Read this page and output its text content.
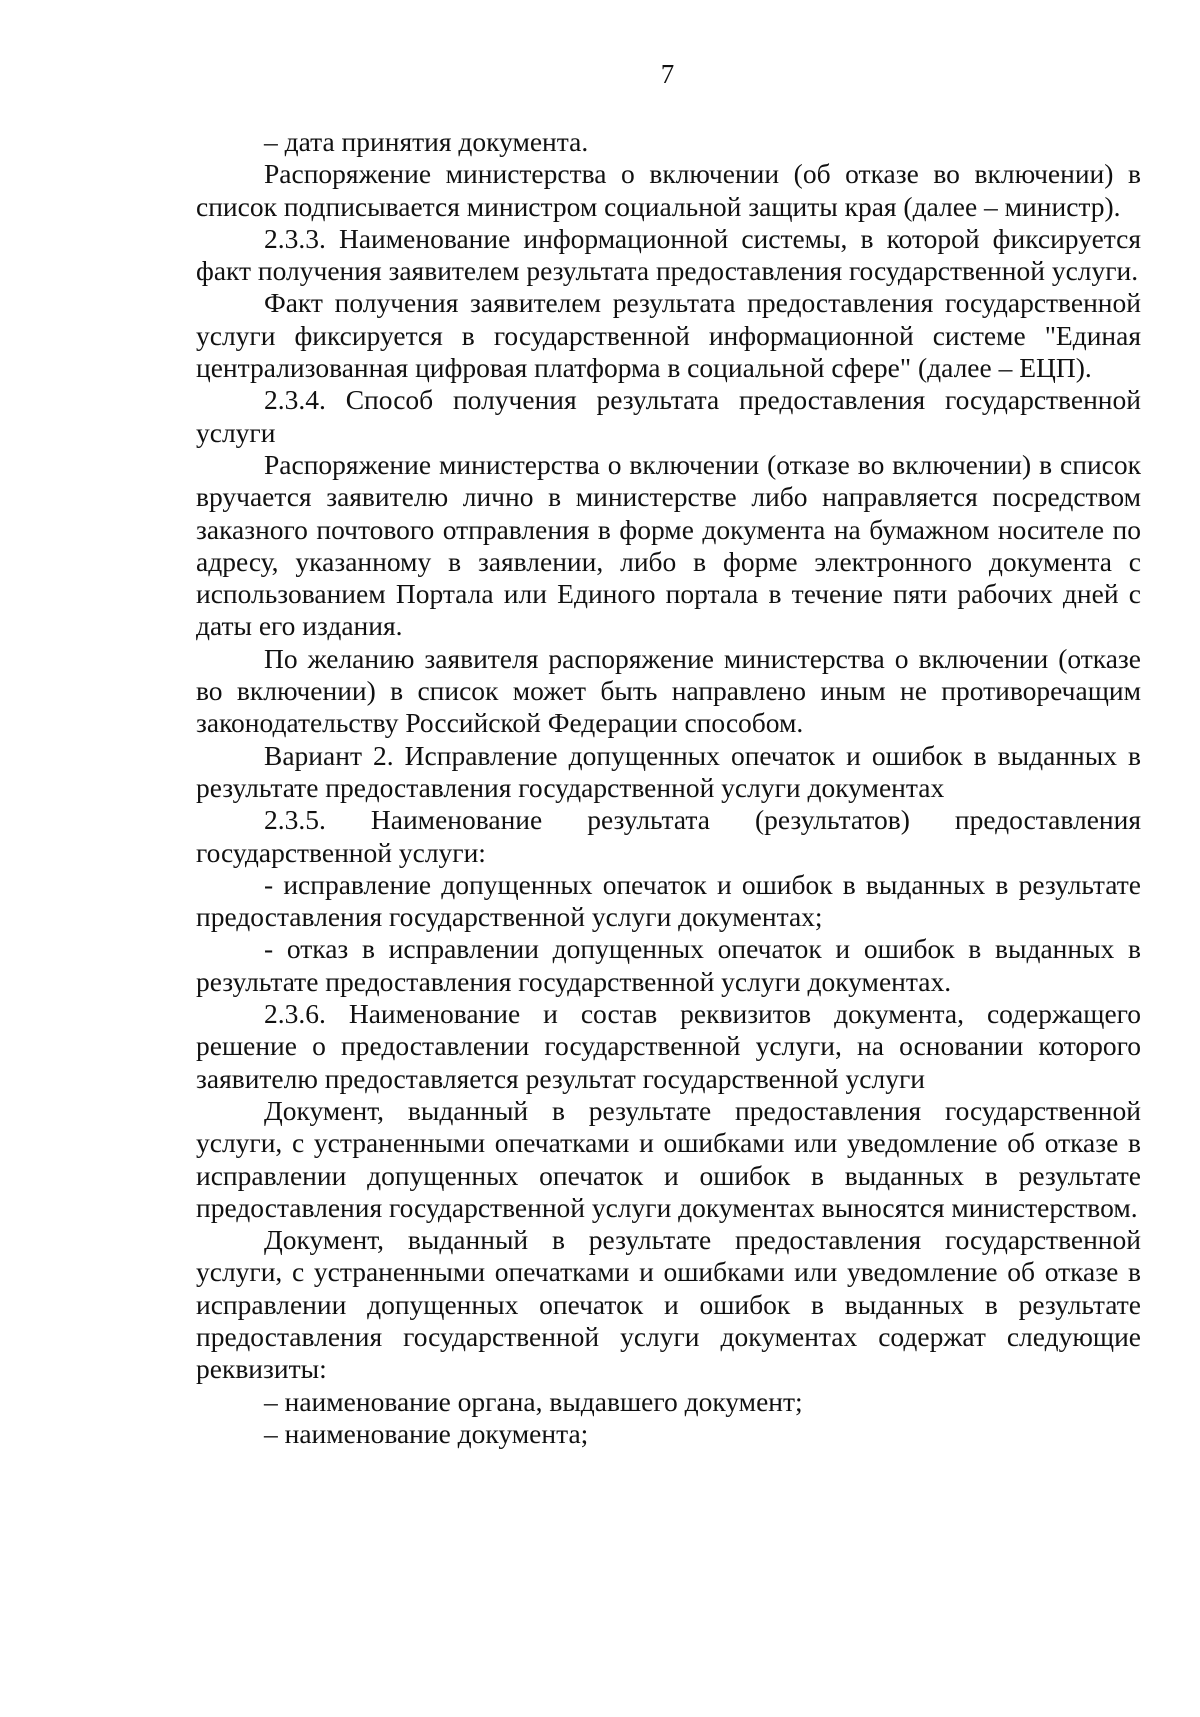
7

– дата принятия документа.

Распоряжение министерства о включении (об отказе во включении) в список подписывается министром социальной защиты края (далее – министр).

2.3.3. Наименование информационной системы, в которой фиксируется факт получения заявителем результата предоставления государственной услуги.

Факт получения заявителем результата предоставления государственной услуги фиксируется в государственной информационной системе "Единая централизованная цифровая платформа в социальной сфере" (далее – ЕЦП).

2.3.4. Способ получения результата предоставления государственной услуги

Распоряжение министерства о включении (отказе во включении) в список вручается заявителю лично в министерстве либо направляется посредством заказного почтового отправления в форме документа на бумажном носителе по адресу, указанному в заявлении, либо в форме электронного документа с использованием Портала или Единого портала в течение пяти рабочих дней с даты его издания.

По желанию заявителя распоряжение министерства о включении (отказе во включении) в список может быть направлено иным не противоречащим законодательству Российской Федерации способом.

Вариант 2. Исправление допущенных опечаток и ошибок в выданных в результате предоставления государственной услуги документах

2.3.5. Наименование результата (результатов) предоставления государственной услуги:

- исправление допущенных опечаток и ошибок в выданных в результате предоставления государственной услуги документах;

- отказ в исправлении допущенных опечаток и ошибок в выданных в результате предоставления государственной услуги документах.

2.3.6. Наименование и состав реквизитов документа, содержащего решение о предоставлении государственной услуги, на основании которого заявителю предоставляется результат государственной услуги

Документ, выданный в результате предоставления государственной услуги, с устраненными опечатками и ошибками или уведомление об отказе в исправлении допущенных опечаток и ошибок в выданных в результате предоставления государственной услуги документах выносятся министерством.

Документ, выданный в результате предоставления государственной услуги, с устраненными опечатками и ошибками или уведомление об отказе в исправлении допущенных опечаток и ошибок в выданных в результате предоставления государственной услуги документах содержат следующие реквизиты:

– наименование органа, выдавшего документ;

– наименование документа;
